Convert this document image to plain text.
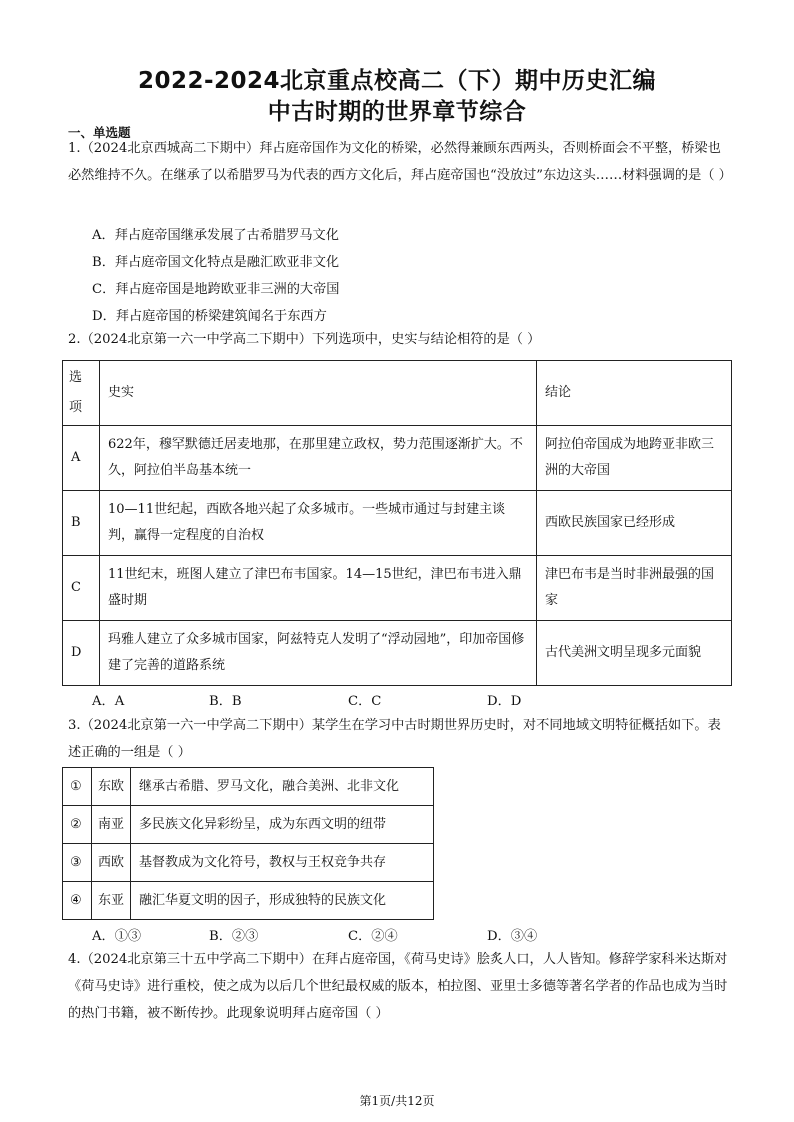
2022-2024北京重点校高二（下）期中历史汇编
中古时期的世界章节综合
一、单选题
1.（2024北京西城高二下期中）拜占庭帝国作为文化的桥梁，必然得兼顾东西两头，否则桥面会不平整，桥梁也必然维持不久。在继承了以希腊罗马为代表的西方文化后，拜占庭帝国也“没放过”东边这头……材料强调的是（ ）
A．拜占庭帝国继承发展了古希腊罗马文化
B．拜占庭帝国文化特点是融汇欧亚非文化
C．拜占庭帝国是地跨欧亚非三洲的大帝国
D．拜占庭帝国的桥梁建筑闻名于东西方
2.（2024北京第一六一中学高二下期中）下列选项中，史实与结论相符的是（ ）
选项	史实	结论
A	622年，穆罕默德迁居麦地那，在那里建立政权，势力范围逐渐扩大。不久，阿拉伯半岛基本统一	阿拉伯帝国成为地跨亚非欧三洲的大帝国
B	10—11世纪起，西欧各地兴起了众多城市。一些城市通过与封建主谈判，赢得一定程度的自治权	西欧民族国家已经形成
C	11世纪末，班图人建立了津巴布韦国家。14—15世纪，津巴布韦进入鼎盛时期	津巴布韦是当时非洲最强的国家
D	玛雅人建立了众多城市国家，阿兹特克人发明了“浮动园地”，印加帝国修建了完善的道路系统	古代美洲文明呈现多元面貌
A．A	B．B	C．C	D．D
3.（2024北京第一六一中学高二下期中）某学生在学习中古时期世界历史时，对不同地域文明特征概括如下。表述正确的一组是（ ）
①	东欧	继承古希腊、罗马文化，融合美洲、北非文化
②	南亚	多民族文化异彩纷呈，成为东西文明的纽带
③	西欧	基督教成为文化符号，教权与王权竞争共存
④	东亚	融汇华夏文明的因子，形成独特的民族文化
A．①③	B．②③	C．②④	D．③④
4.（2024北京第三十五中学高二下期中）在拜占庭帝国，《荷马史诗》脍炙人口，人人皆知。修辞学家科米达斯对《荷马史诗》进行重校，使之成为以后几个世纪最权威的版本，柏拉图、亚里士多德等著名学者的作品也成为当时的热门书籍，被不断传抄。此现象说明拜占庭帝国（ ）
第1页/共12页
